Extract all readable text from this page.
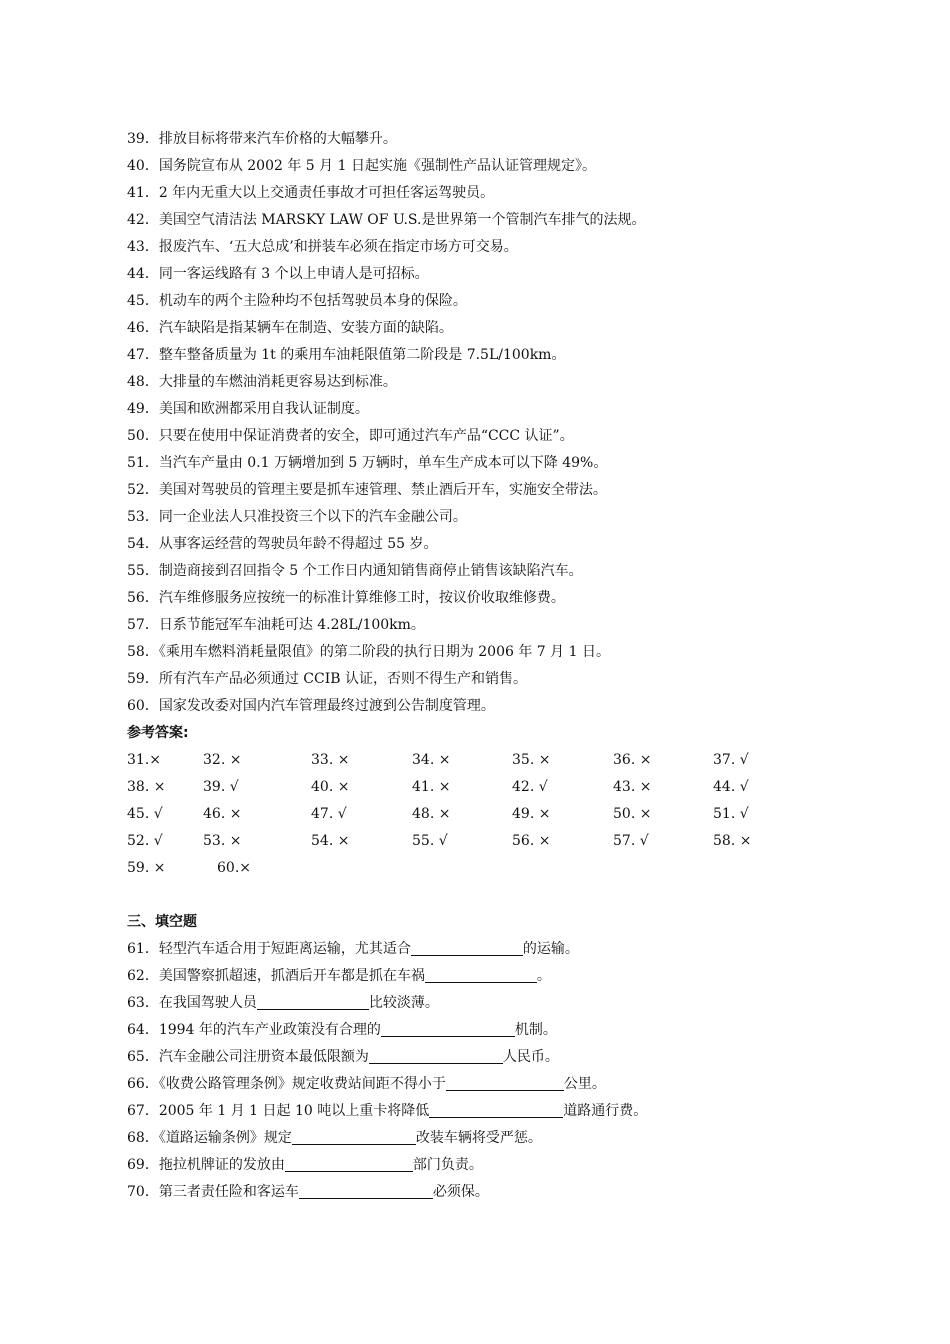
39．排放目标将带来汽车价格的大幅攀升。
40．国务院宣布从 2002 年 5 月 1 日起实施《强制性产品认证管理规定》。
41．2 年内无重大以上交通责任事故才可担任客运驾驶员。
42．美国空气清洁法 MARSKY LAW OF U.S.是世界第一个管制汽车排气的法规。
43．报废汽车、‘五大总成’和拼装车必须在指定市场方可交易。
44．同一客运线路有 3 个以上申请人是可招标。
45．机动车的两个主险种均不包括驾驶员本身的保险。
46．汽车缺陷是指某辆车在制造、安装方面的缺陷。
47．整车整备质量为 1t 的乘用车油耗限值第二阶段是 7.5L/100km。
48．大排量的车燃油消耗更容易达到标准。
49．美国和欧洲都采用自我认证制度。
50．只要在使用中保证消费者的安全，即可通过汽车产品“CCC 认证”。
51．当汽车产量由 0.1 万辆增加到 5 万辆时，单车生产成本可以下降 49%。
52．美国对驾驶员的管理主要是抓车速管理、禁止酒后开车，实施安全带法。
53．同一企业法人只准投资三个以下的汽车金融公司。
54．从事客运经营的驾驶员年龄不得超过 55 岁。
55．制造商接到召回指令 5 个工作日内通知销售商停止销售该缺陷汽车。
56．汽车维修服务应按统一的标准计算维修工时，按议价收取维修费。
57．日系节能冠军车油耗可达 4.28L/100km。
58．《乘用车燃料消耗量限值》的第二阶段的执行日期为 2006 年 7 月 1 日。
59．所有汽车产品必须通过 CCIB 认证，否则不得生产和销售。
60．国家发改委对国内汽车管理最终过渡到公告制度管理。
参考答案:
31.×	32. ×	33. ×	34. ×	35. ×	36. ×	37. √
38. ×	39. √	40. ×	41. ×	42. √	43. ×	44. √
45. √	46. ×	47. √	48. ×	49. ×	50. ×	51. √
52. √	53. ×	54. ×	55. √	56. ×	57. √	58. ×
59. ×	60.×
三、填空题
61．轻型汽车适合用于短距离运输，尤其适合	的运输。
62．美国警察抓超速，抓酒后开车都是抓在车祸	。
63．在我国驾驶人员	比较淡薄。
64．1994 年的汽车产业政策没有合理的	机制。
65．汽车金融公司注册资本最低限额为	人民币。
66．《收费公路管理条例》规定收费站间距不得小于	公里。
67．2005 年 1 月 1 日起 10 吨以上重卡将降低	道路通行费。
68．《道路运输条例》规定	改装车辆将受严惩。
69．拖拉机牌证的发放由	部门负责。
70．第三者责任险和客运车	必须保。
